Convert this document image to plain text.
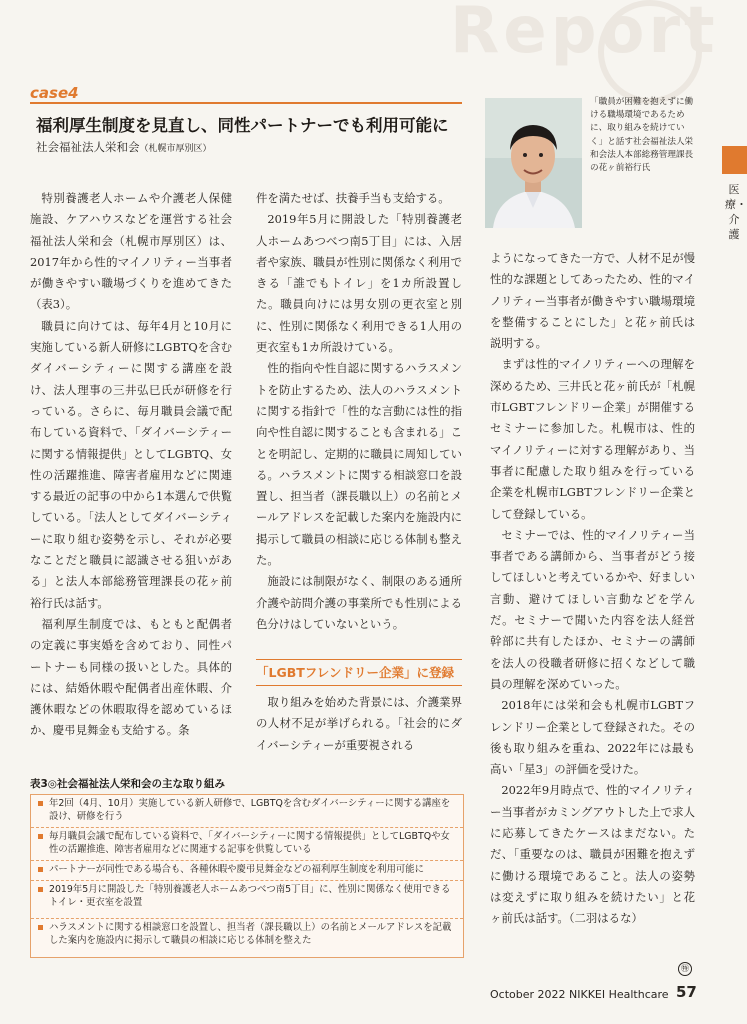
Report
case4
福利厚生制度を見直し、同性パートナーでも利用可能に
社会福祉法人栄和会（札幌市厚別区）
「職員が困難を抱えずに働ける職場環境であるために、取り組みを続けていく」と話す社会福祉法人栄和会法人本部総務管理課長の花ヶ前裕行氏
医療・介護

特別養護老人ホームや介護老人保健施設、ケアハウスなどを運営する社会福祉法人栄和会（札幌市厚別区）は、2017年から性的マイノリティー当事者が働きやすい職場づくりを進めてきた（表3）。

職員に向けては、毎年4月と10月に実施している新人研修にLGBTQを含むダイバーシティーに関する講座を設け、法人理事の三井弘巳氏が研修を行っている。さらに、毎月職員会議で配布している資料で、「ダイバーシティーに関する情報提供」としてLGBTQ、女性の活躍推進、障害者雇用などに関連する最近の記事の中から1本選んで供覧している。「法人としてダイバーシティーに取り組む姿勢を示し、それが必要なことだと職員に認識させる狙いがある」と法人本部総務管理課長の花ヶ前裕行氏は話す。

福利厚生制度では、もともと配偶者の定義に事実婚を含めており、同性パートナーも同様の扱いとした。具体的には、結婚休暇や配偶者出産休暇、介護休暇などの休暇取得を認めているほか、慶弔見舞金も支給する。条

件を満たせば、扶養手当も支給する。

2019年5月に開設した「特別養護老人ホームあつべつ南5丁目」には、入居者や家族、職員が性別に関係なく利用できる「誰でもトイレ」を1カ所設置した。職員向けには男女別の更衣室と別に、性別に関係なく利用できる1人用の更衣室も1カ所設けている。

性的指向や性自認に関するハラスメントを防止するため、法人のハラスメントに関する指針で「性的な言動には性的指向や性自認に関することも含まれる」ことを明記し、定期的に職員に周知している。ハラスメントに関する相談窓口を設置し、担当者（課長職以上）の名前とメールアドレスを記載した案内を施設内に掲示して職員の相談に応じる体制も整えた。

施設には制限がなく、制限のある通所介護や訪問介護の事業所でも性別による色分けはしていないという。

「LGBTフレンドリー企業」に登録

取り組みを始めた背景には、介護業界の人材不足が挙げられる。「社会的にダイバーシティーが重要視される

ようになってきた一方で、人材不足が慢性的な課題としてあったため、性的マイノリティー当事者が働きやすい職場環境を整備することにした」と花ヶ前氏は説明する。

まずは性的マイノリティーへの理解を深めるため、三井氏と花ヶ前氏が「札幌市LGBTフレンドリー企業」が開催するセミナーに参加した。札幌市は、性的マイノリティーに対する理解があり、当事者に配慮した取り組みを行っている企業を札幌市LGBTフレンドリー企業として登録している。

セミナーでは、性的マイノリティー当事者である講師から、当事者がどう接してほしいと考えているかや、好ましい言動、避けてほしい言動などを学んだ。セミナーで聞いた内容を法人経営幹部に共有したほか、セミナーの講師を法人の役職者研修に招くなどして職員の理解を深めていった。

2018年には栄和会も札幌市LGBTフレンドリー企業として登録された。その後も取り組みを重ね、2022年には最も高い「星3」の評価を受けた。

2022年9月時点で、性的マイノリティー当事者がカミングアウトした上で求人に応募してきたケースはまだない。ただ、「重要なのは、職員が困難を抱えずに働ける環境であること。法人の姿勢は変えずに取り組みを続けたい」と花ヶ前氏は話す。（二羽はるな）

㊕
表3◎社会福祉法人栄和会の主な取り組み
年2回（4月、10月）実施している新人研修で、LGBTQを含むダイバーシティーに関する講座を設け、研修を行う
毎月職員会議で配布している資料で、「ダイバーシティーに関する情報提供」としてLGBTQや女性の活躍推進、障害者雇用などに関連する記事を供覧している
パートナーが同性である場合も、各種休暇や慶弔見舞金などの福利厚生制度を利用可能に
2019年5月に開設した「特別養護老人ホームあつべつ南5丁目」に、性別に関係なく使用できるトイレ・更衣室を設置
ハラスメントに関する相談窓口を設置し、担当者（課長職以上）の名前とメールアドレスを記載した案内を施設内に掲示して職員の相談に応じる体制を整えた
October 2022 NIKKEI Healthcare 57
